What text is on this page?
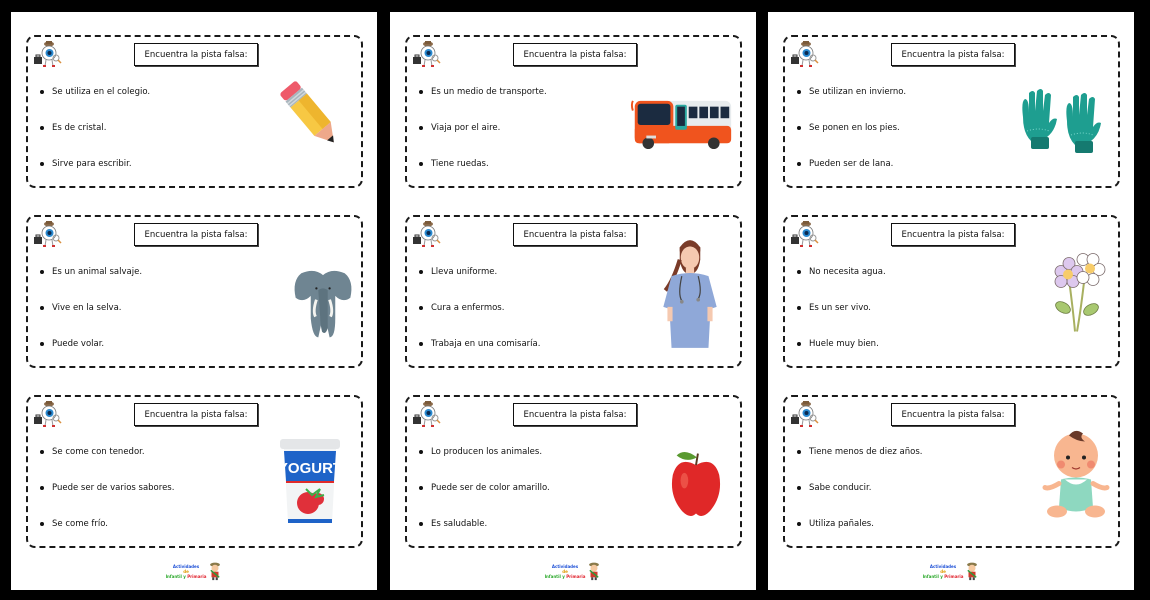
Encuentra la pista falsa:
Se utiliza en el colegio.
Es de cristal.
Sirve para escribir.
Encuentra la pista falsa:
Es un animal salvaje.
Vive en la selva.
Puede volar.
Encuentra la pista falsa:
Se come con tenedor.
Puede ser de varios sabores.
Se come frío.
Actividades
de
Infantil y Primaria
Encuentra la pista falsa:
Es un medio de transporte.
Viaja por el aire.
Tiene ruedas.
Encuentra la pista falsa:
Lleva uniforme.
Cura a enfermos.
Trabaja en una comisaría.
Encuentra la pista falsa:
Lo producen los animales.
Puede ser de color amarillo.
Es saludable.
Actividades
de
Infantil y Primaria
Encuentra la pista falsa:
Se utilizan en invierno.
Se ponen en los pies.
Pueden ser de lana.
Encuentra la pista falsa:
No necesita agua.
Es un ser vivo.
Huele muy bien.
Encuentra la pista falsa:
Tiene menos de diez años.
Sabe conducir.
Utiliza pañales.
Actividades
de
Infantil y Primaria
